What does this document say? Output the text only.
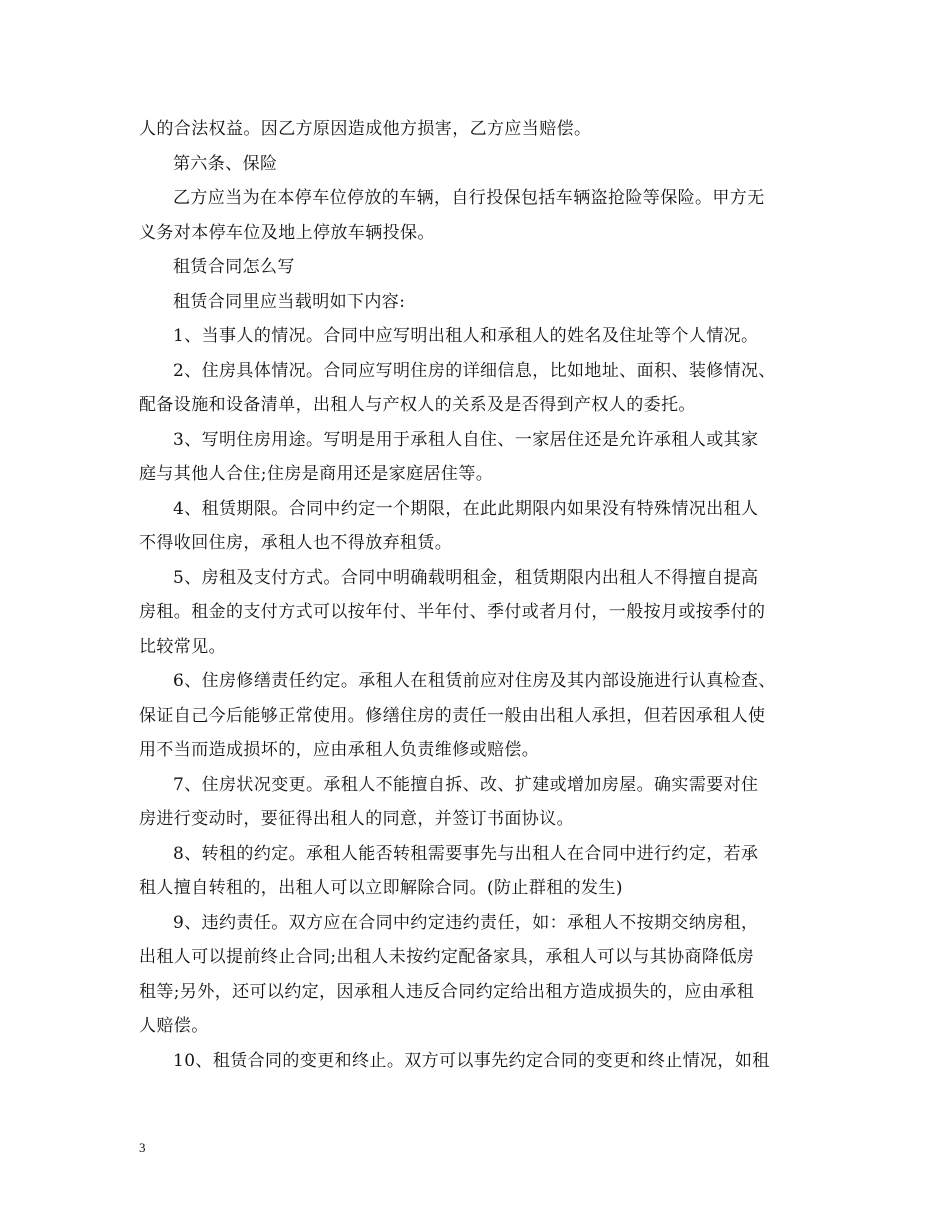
人的合法权益。因乙方原因造成他方损害，乙方应当赔偿。
第六条、保险
乙方应当为在本停车位停放的车辆，自行投保包括车辆盗抢险等保险。甲方无
义务对本停车位及地上停放车辆投保。
租赁合同怎么写
租赁合同里应当载明如下内容:
1、当事人的情况。合同中应写明出租人和承租人的姓名及住址等个人情况。
2、住房具体情况。合同应写明住房的详细信息，比如地址、面积、装修情况、
配备设施和设备清单，出租人与产权人的关系及是否得到产权人的委托。
3、写明住房用途。写明是用于承租人自住、一家居住还是允许承租人或其家
庭与其他人合住;住房是商用还是家庭居住等。
4、租赁期限。合同中约定一个期限，在此此期限内如果没有特殊情况出租人
不得收回住房，承租人也不得放弃租赁。
5、房租及支付方式。合同中明确载明租金，租赁期限内出租人不得擅自提高
房租。租金的支付方式可以按年付、半年付、季付或者月付，一般按月或按季付的
比较常见。
6、住房修缮责任约定。承租人在租赁前应对住房及其内部设施进行认真检查、
保证自己今后能够正常使用。修缮住房的责任一般由出租人承担，但若因承租人使
用不当而造成损坏的，应由承租人负责维修或赔偿。
7、住房状况变更。承租人不能擅自拆、改、扩建或增加房屋。确实需要对住
房进行变动时，要征得出租人的同意，并签订书面协议。
8、转租的约定。承租人能否转租需要事先与出租人在合同中进行约定，若承
租人擅自转租的，出租人可以立即解除合同。(防止群租的发生)
9、违约责任。双方应在合同中约定违约责任，如：承租人不按期交纳房租，
出租人可以提前终止合同;出租人未按约定配备家具，承租人可以与其协商降低房
租等;另外，还可以约定，因承租人违反合同约定给出租方造成损失的，应由承租
人赔偿。
10、租赁合同的变更和终止。双方可以事先约定合同的变更和终止情况，如租
3
